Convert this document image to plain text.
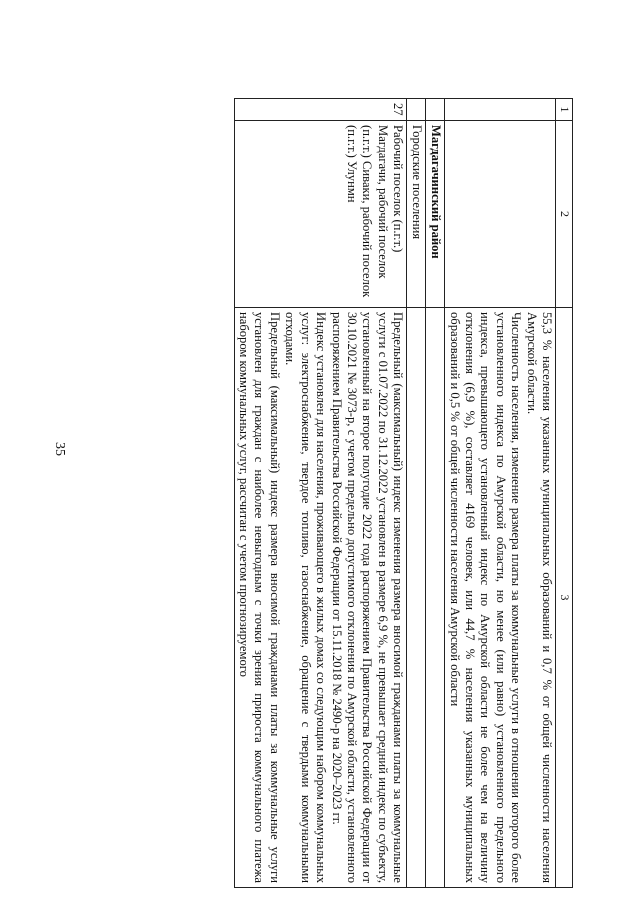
35
1	2	3

		55,3 % населения указанных муниципальных образований и 0,7 % от общей численности населения Амурской области.
Численность населения, изменение размера платы за коммунальные услуги в отношении которого более установленного индекса по Амурской области, но менее (или равно) установленного предельного индекса, превышающего установленный индекс по Амурской области не более чем на величину отклонения (6,9 %), составляет 4169 человек, или 44,7 % населения указанных муниципальных образований и 0,5 % от общей численности населения Амурской области

	Магдагачинский район	
	Городские поселения	
27	Рабочий поселок (п.г.т.) Магдагачи, рабочий поселок (п.г.т.) Сиваки, рабочий поселок (п.г.т.) Улунмн	Предельный (максимальный) индекс изменения размера вносимой гражданами платы за коммунальные услуги с 01.07.2022 по 31.12.2022 установлен в размере 6,9 %, не превышает средний индекс по субъекту, установленный на второе полугодие 2022 года распоряжением Правительства Российской Федерации от 30.10.2021 № 3073-р, с учетом предельно допустимого отклонения по Амурской области, установленного распоряжением Правительства Российской Федерации от 15.11.2018 № 2490-р на 2020–2023 гг.
Индекс установлен для населения, проживающего в жилых домах со следующим набором коммунальных услуг: электроснабжение, твердое топливо, газоснабжение, обращение с твердыми коммунальными отходами.
Предельный (максимальный) индекс размера вносимой гражданами платы за коммунальные услуги установлен для граждан с наиболее невыгодным с точки зрения прироста коммунального платежа набором коммунальных услуг, рассчитан с учетом прогнозируемого
